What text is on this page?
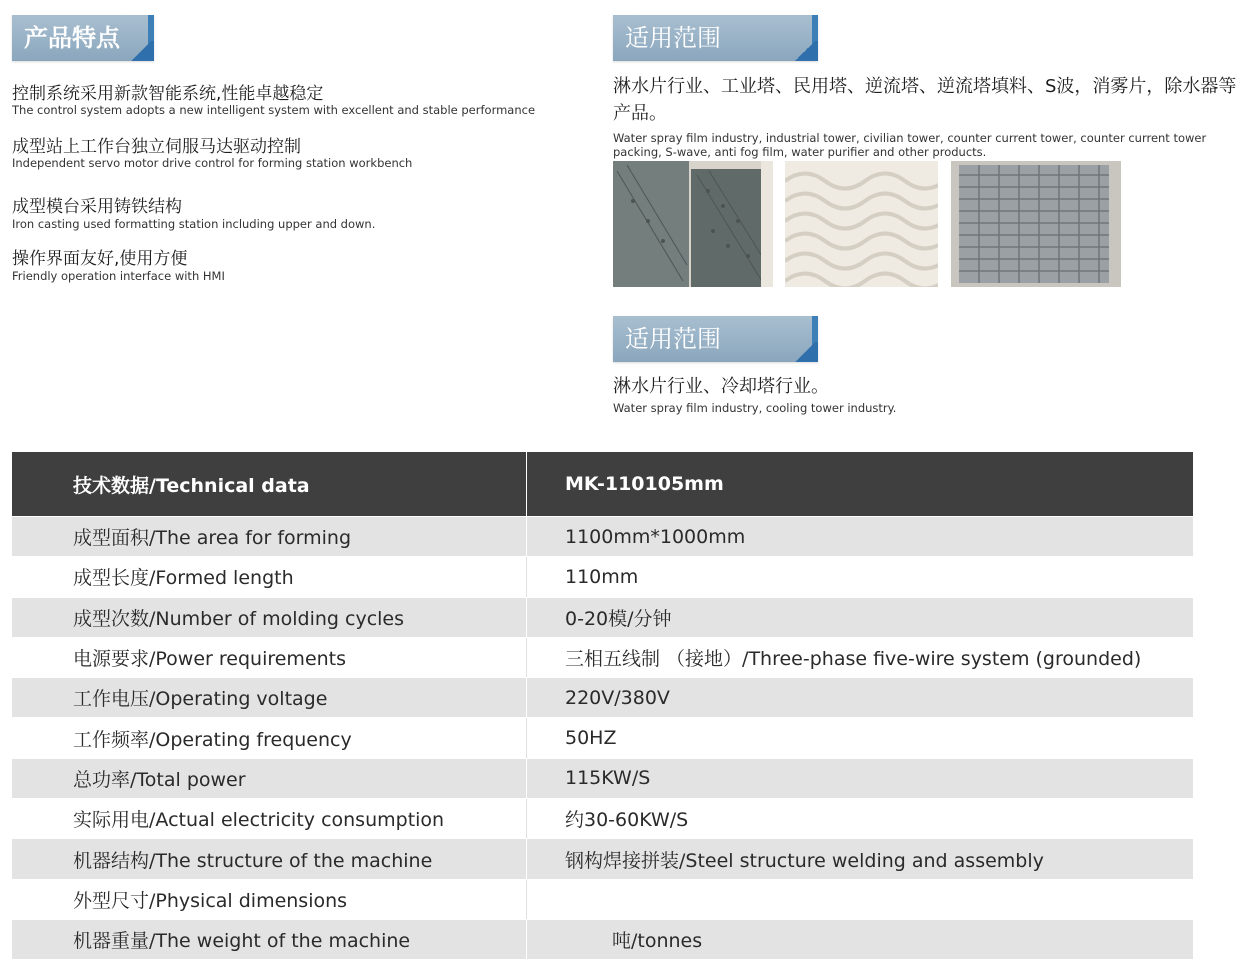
产品特点
控制系统采用新款智能系统,性能卓越稳定
The control system adopts a new intelligent system with excellent and stable performance
成型站上工作台独立伺服马达驱动控制
Independent servo motor drive control for forming station workbench
成型模台采用铸铁结构
Iron casting used formatting station including upper and down.
操作界面友好,使用方便
Friendly operation interface with HMI
适用范围
淋水片行业、工业塔、民用塔、逆流塔、逆流塔填料、S波，消雾片，除水器等产品。
Water spray film industry, industrial tower, civilian tower, counter current tower, counter current tower packing, S-wave, anti fog film, water purifier and other products.
适用范围
淋水片行业、冷却塔行业。
Water spray film industry, cooling tower industry.
技术数据/Technical data	MK-110105mm
成型面积/The area for forming	1100mm*1000mm
成型长度/Formed length	110mm
成型次数/Number of molding cycles	0-20模/分钟
电源要求/Power requirements	三相五线制 （接地）/Three-phase five-wire system (grounded)
工作电压/Operating voltage	220V/380V
工作频率/Operating frequency	50HZ
总功率/Total power	115KW/S
实际用电/Actual electricity consumption	约30-60KW/S
机器结构/The structure of the machine	钢构焊接拼装/Steel structure welding and assembly
外型尺寸/Physical dimensions
机器重量/The weight of the machine	吨/tonnes
